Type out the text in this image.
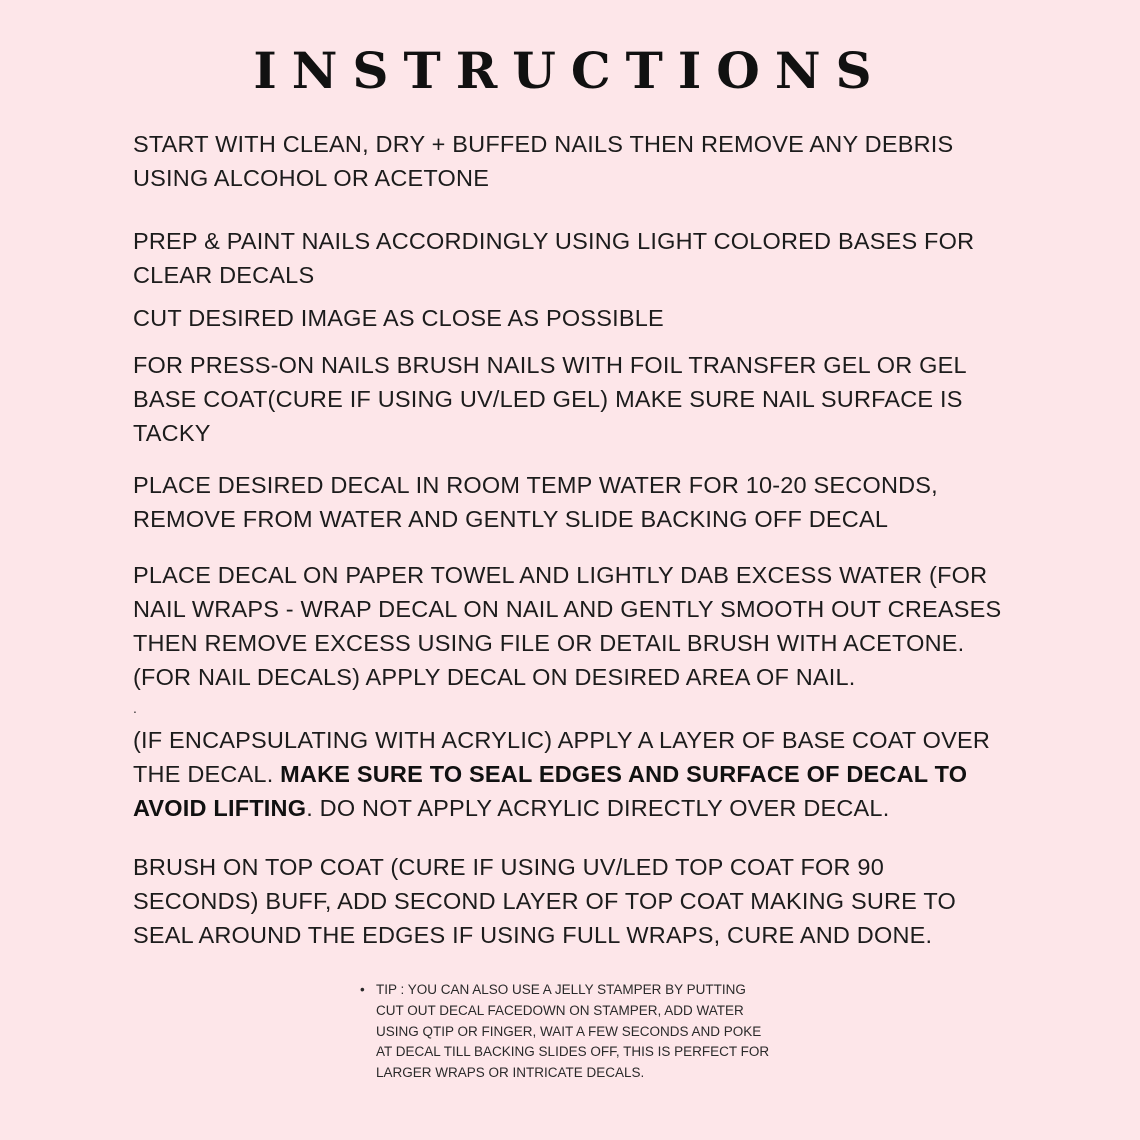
INSTRUCTIONS
START WITH CLEAN, DRY + BUFFED NAILS THEN REMOVE ANY DEBRIS USING ALCOHOL OR ACETONE
PREP & PAINT NAILS ACCORDINGLY USING LIGHT COLORED BASES FOR CLEAR DECALS
CUT DESIRED IMAGE AS CLOSE AS POSSIBLE
FOR PRESS-ON NAILS BRUSH NAILS WITH FOIL TRANSFER GEL OR GEL BASE COAT(CURE IF USING UV/LED GEL) MAKE SURE NAIL SURFACE IS TACKY
PLACE DESIRED DECAL IN ROOM TEMP WATER FOR 10-20 SECONDS, REMOVE FROM WATER AND GENTLY SLIDE BACKING OFF DECAL
PLACE DECAL ON PAPER TOWEL AND LIGHTLY DAB EXCESS WATER (FOR NAIL WRAPS - WRAP DECAL ON NAIL AND GENTLY SMOOTH OUT CREASES THEN REMOVE EXCESS USING FILE OR DETAIL BRUSH WITH ACETONE. (FOR NAIL DECALS) APPLY DECAL ON DESIRED AREA OF NAIL.
.
(IF ENCAPSULATING WITH ACRYLIC) APPLY A LAYER OF BASE COAT OVER THE DECAL. MAKE SURE TO SEAL EDGES AND SURFACE OF DECAL TO AVOID LIFTING. DO NOT APPLY ACRYLIC DIRECTLY OVER DECAL.
BRUSH ON TOP COAT (CURE IF USING UV/LED TOP COAT FOR 90 SECONDS) BUFF, ADD SECOND LAYER OF TOP COAT MAKING SURE TO SEAL AROUND THE EDGES IF USING FULL WRAPS, CURE AND DONE.
• TIP : YOU CAN ALSO USE A JELLY STAMPER BY PUTTING CUT OUT DECAL FACEDOWN ON STAMPER, ADD WATER USING QTIP OR FINGER, WAIT A FEW SECONDS AND POKE AT DECAL TILL BACKING SLIDES OFF, THIS IS PERFECT FOR LARGER WRAPS OR INTRICATE DECALS.
